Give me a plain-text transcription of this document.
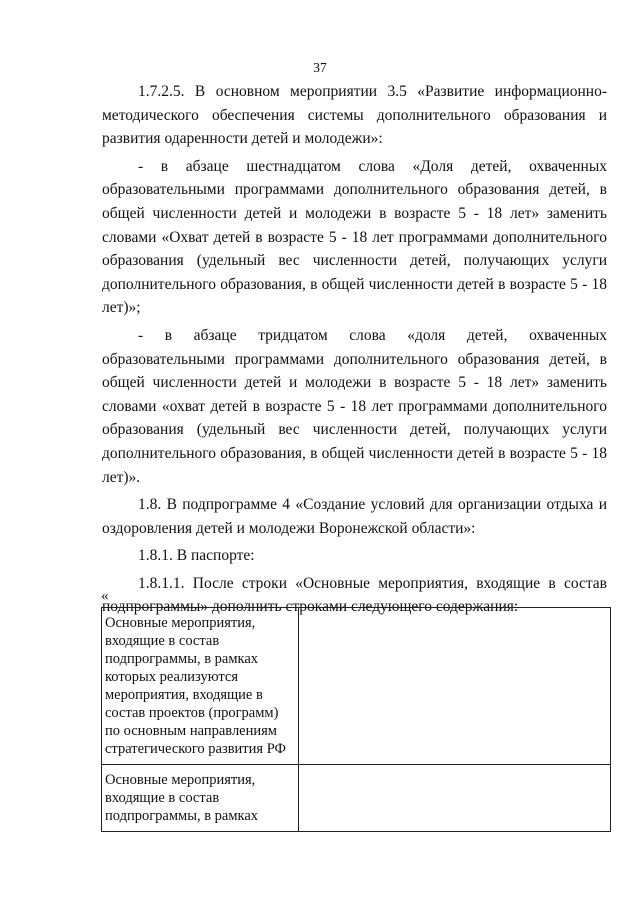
37

1.7.2.5. В основном мероприятии 3.5 «Развитие информационно-методического обеспечения системы дополнительного образования и развития одаренности детей и молодежи»:

- в абзаце шестнадцатом слова «Доля детей, охваченных образовательными программами дополнительного образования детей, в общей численности детей и молодежи в возрасте 5 - 18 лет» заменить словами «Охват детей в возрасте 5 - 18 лет программами дополнительного образования (удельный вес численности детей, получающих услуги дополнительного образования, в общей численности детей в возрасте 5 - 18 лет)»;

- в абзаце тридцатом слова «доля детей, охваченных образовательными программами дополнительного образования детей, в общей численности детей и молодежи в возрасте 5 - 18 лет» заменить словами «охват детей в возрасте 5 - 18 лет программами дополнительного образования (удельный вес численности детей, получающих услуги дополнительного образования, в общей численности детей в возрасте 5 - 18 лет)».

1.8. В подпрограмме 4 «Создание условий для организации отдыха и оздоровления детей и молодежи Воронежской области»:

1.8.1. В паспорте:

1.8.1.1. После строки «Основные мероприятия, входящие в состав подпрограммы» дополнить строками следующего содержания:

«
Основные мероприятия, входящие в состав подпрограммы, в рамках которых реализуются мероприятия, входящие в состав проектов (программ) по основным направлениям стратегического развития РФ	
Основные мероприятия, входящие в состав подпрограммы, в рамках	
